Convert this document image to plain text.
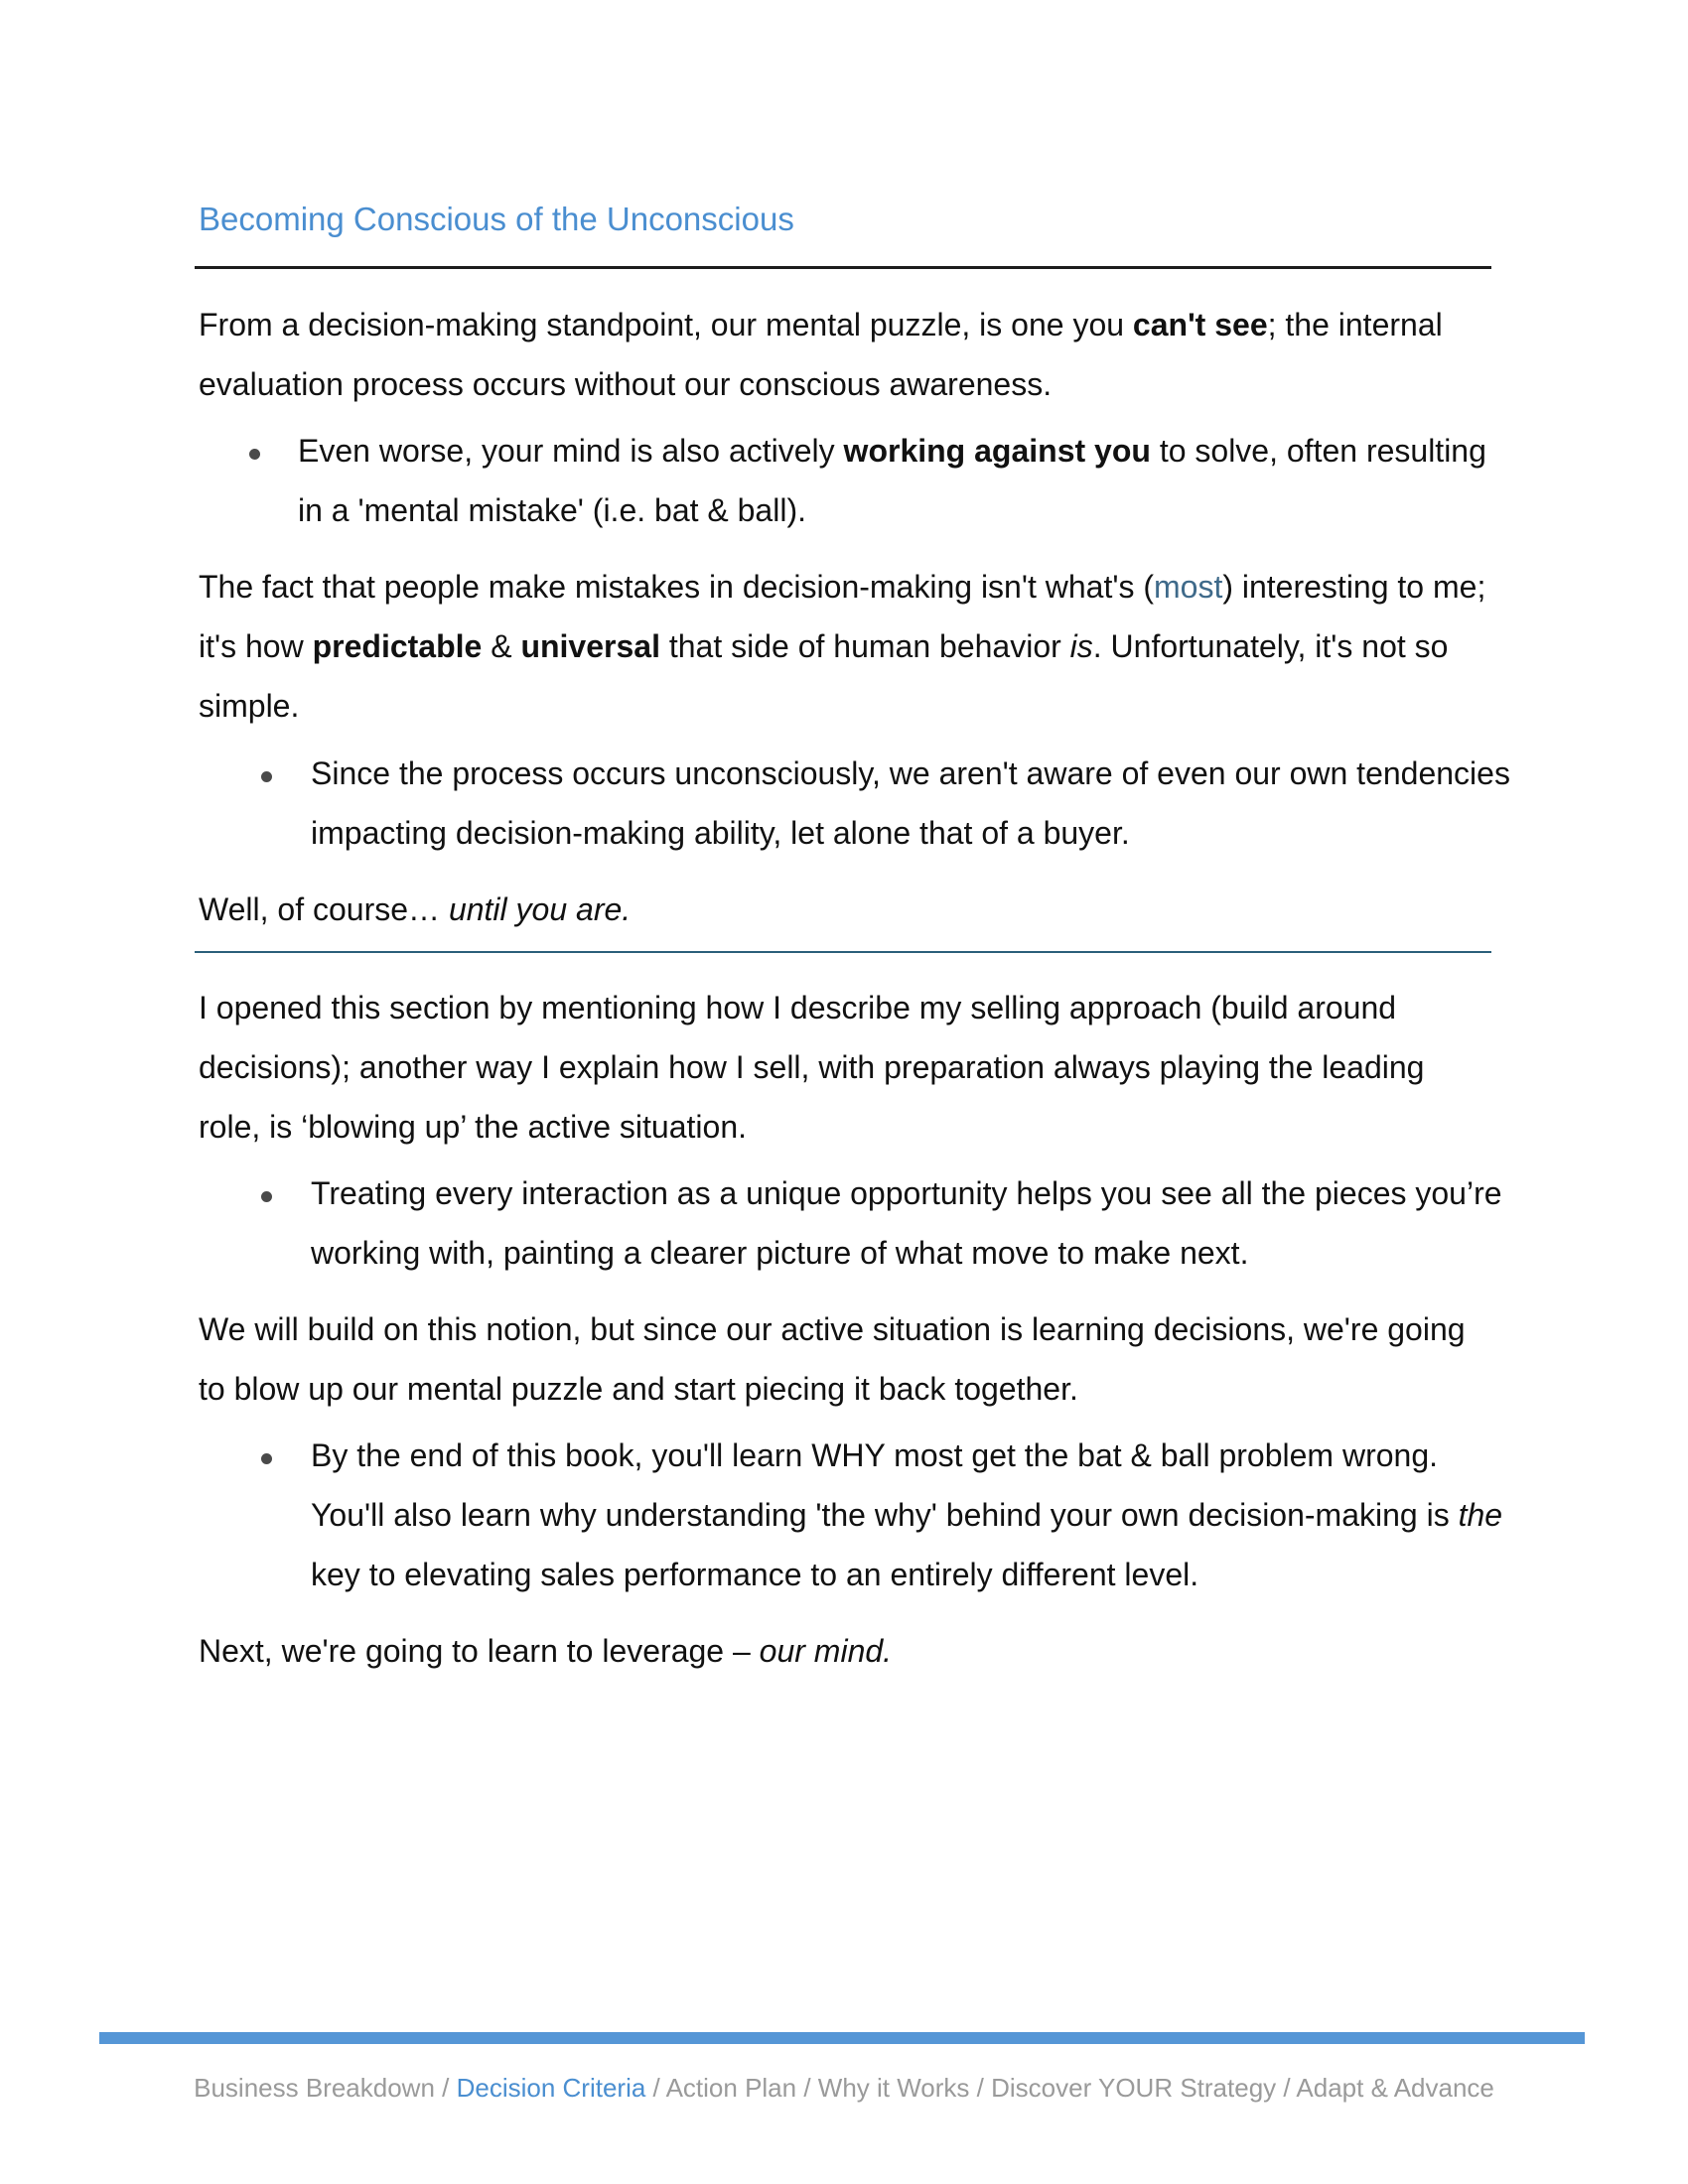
Becoming Conscious of the Unconscious

From a decision-making standpoint, our mental puzzle, is one you can't see; the internal evaluation process occurs without our conscious awareness.

Even worse, your mind is also actively working against you to solve, often resulting in a 'mental mistake' (i.e. bat & ball).

The fact that people make mistakes in decision-making isn't what's (most) interesting to me; it's how predictable & universal that side of human behavior is. Unfortunately, it's not so simple.

Since the process occurs unconsciously, we aren't aware of even our own tendencies impacting decision-making ability, let alone that of a buyer.

Well, of course… until you are.

I opened this section by mentioning how I describe my selling approach (build around decisions); another way I explain how I sell, with preparation always playing the leading role, is ‘blowing up’ the active situation.

Treating every interaction as a unique opportunity helps you see all the pieces you’re working with, painting a clearer picture of what move to make next.

We will build on this notion, but since our active situation is learning decisions, we're going to blow up our mental puzzle and start piecing it back together.

By the end of this book, you'll learn WHY most get the bat & ball problem wrong. You'll also learn why understanding 'the why' behind your own decision-making is the key to elevating sales performance to an entirely different level.

Next, we're going to learn to leverage – our mind.

Business Breakdown / Decision Criteria / Action Plan / Why it Works / Discover YOUR Strategy / Adapt & Advance
